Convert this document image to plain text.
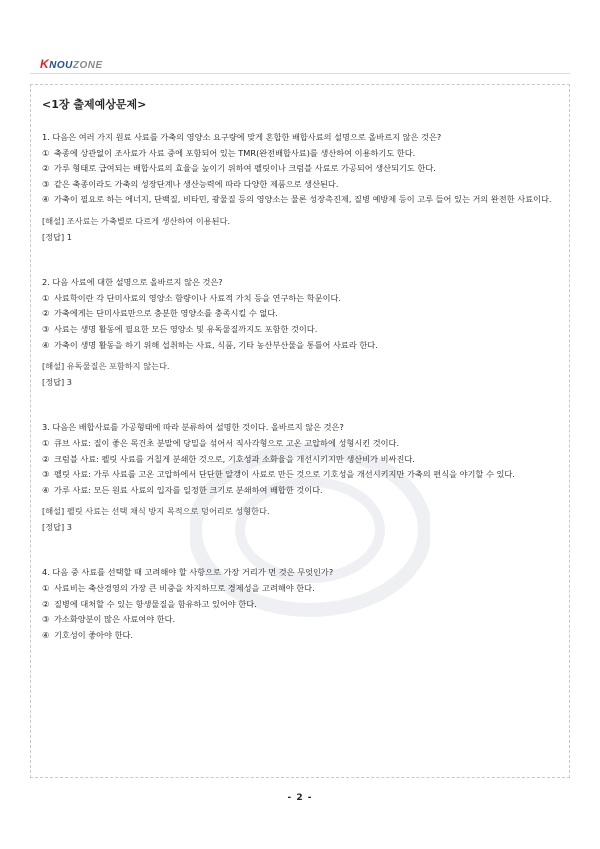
KNOUZONE
<1장 출제예상문제>

1. 다음은 여러 가지 원료 사료를 가축의 영양소 요구량에 맞게 혼합한 배합사료의 설명으로 올바르지 않은 것은?

① 축종에 상관없이 조사료가 사료 중에 포함되어 있는 TMR(완전배합사료)를 생산하여 이용하기도 한다.

② 가루 형태로 급여되는 배합사료의 효율을 높이기 위하여 펠릿이나 크럼블 사료로 가공되어 생산되기도 한다.

③ 같은 축종이라도 가축의 성장단계나 생산능력에 따라 다양한 제품으로 생산된다.

④ 가축이 필요로 하는 에너지, 단백질, 비타민, 광물질 등의 영양소는 물론 성장촉진제, 질병 예방제 등이 고루 들어 있는 거의 완전한 사료이다.

[해설] 조사료는 가축별로 다르게 생산하여 이용된다.

[정답] 1

2. 다음 사료에 대한 설명으로 올바르지 않은 것은?

① 사료학이란 각 단미사료의 영양소 함량이나 사료적 가치 등을 연구하는 학문이다.

② 가축에게는 단미사료만으로 충분한 영양소를 충족시킬 수 없다.

③ 사료는 생명 활동에 필요한 모든 영양소 및 유독물질까지도 포함한 것이다.

④ 가축이 생명 활동을 하기 위해 섭취하는 사료, 식품, 기타 농산부산물을 통틀어 사료라 한다.

[해설] 유독물질은 포함하지 않는다.

[정답] 3

3. 다음은 배합사료를 가공형태에 따라 분류하여 설명한 것이다. 올바르지 않은 것은?

① 큐브 사료: 질이 좋은 목건초 분말에 당밀을 섞어서 직사각형으로 고온 고압하에 성형시킨 것이다.

② 크럼블 사료: 펠릿 사료를 거칠게 분쇄한 것으로, 기호성과 소화율을 개선시키지만 생산비가 비싸진다.

③ 펠릿 사료: 가루 사료를 고온 고압하에서 단단한 알갱이 사료로 만든 것으로 기호성을 개선시키지만 가축의 편식을 야기할 수 있다.

④ 가루 사료: 모든 원료 사료의 입자를 일정한 크기로 분쇄하여 배합한 것이다.

[해설] 펠릿 사료는 선택 채식 방지 목적으로 덩어리로 성형한다.

[정답] 3

4. 다음 중 사료를 선택할 때 고려해야 할 사항으로 가장 거리가 먼 것은 무엇인가?

① 사료비는 축산경영의 가장 큰 비중을 차지하므로 경제성을 고려해야 한다.

② 질병에 대처할 수 있는 항생물질을 함유하고 있어야 한다.

③ 가소화양분이 많은 사료여야 한다.

④ 기호성이 좋아야 한다.

- 2 -
